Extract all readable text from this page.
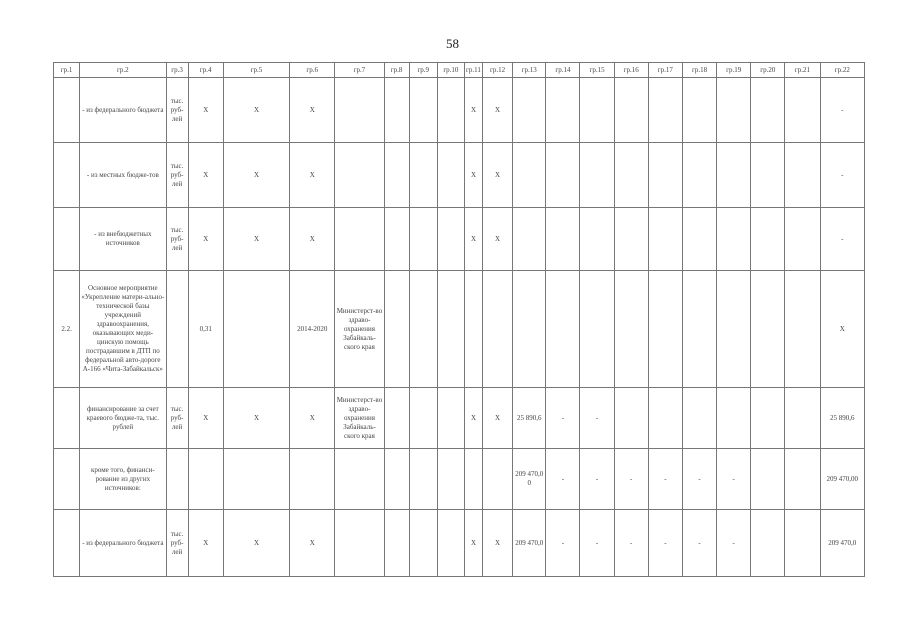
58
гр.1	гр.2	гр.3	гр.4	гр.5	гр.6	гр.7	гр.8	гр.9	гр.10	гр.11	гр.12	гр.13	гр.14	гр.15	гр.16	гр.17	гр.18	гр.19	гр.20	гр.21	гр.22
	- из федерального бюджета	тыс. руб-лей	X	X	X					X	X										-
	- из местных бюдже-тов	тыс. руб-лей	X	X	X					X	X										-
	- из внебюджетных источников	тыс. руб-лей	X	X	X					X	X										-
2.2.	Основное мероприятие «Укрепление матери-ально-технической базы учреждений здравоохранения, оказывающих меди-цинскую помощь пострадавшим в ДТП по федеральной авто-дороге А-166 «Чита-Забайкальск»		0,31		2014-2020	Министерст-во здраво-охранения Забайкаль-ского края															X
	финансирование за счет краевого бюдже-та, тыс. рублей	тыс. руб-лей	X	X	X	Министерст-во здраво-охранения Забайкаль-ского края				X	X	25 890,6	-	-							25 890,6
	кроме того, финанси-рование из других источников:											209 470,0 0	-	-	-	-	-	-			209 470,00
	- из федерального бюджета	тыс. руб-лей	X	X	X					X	X	209 470,0	-	-	-	-	-	-			209 470,0
